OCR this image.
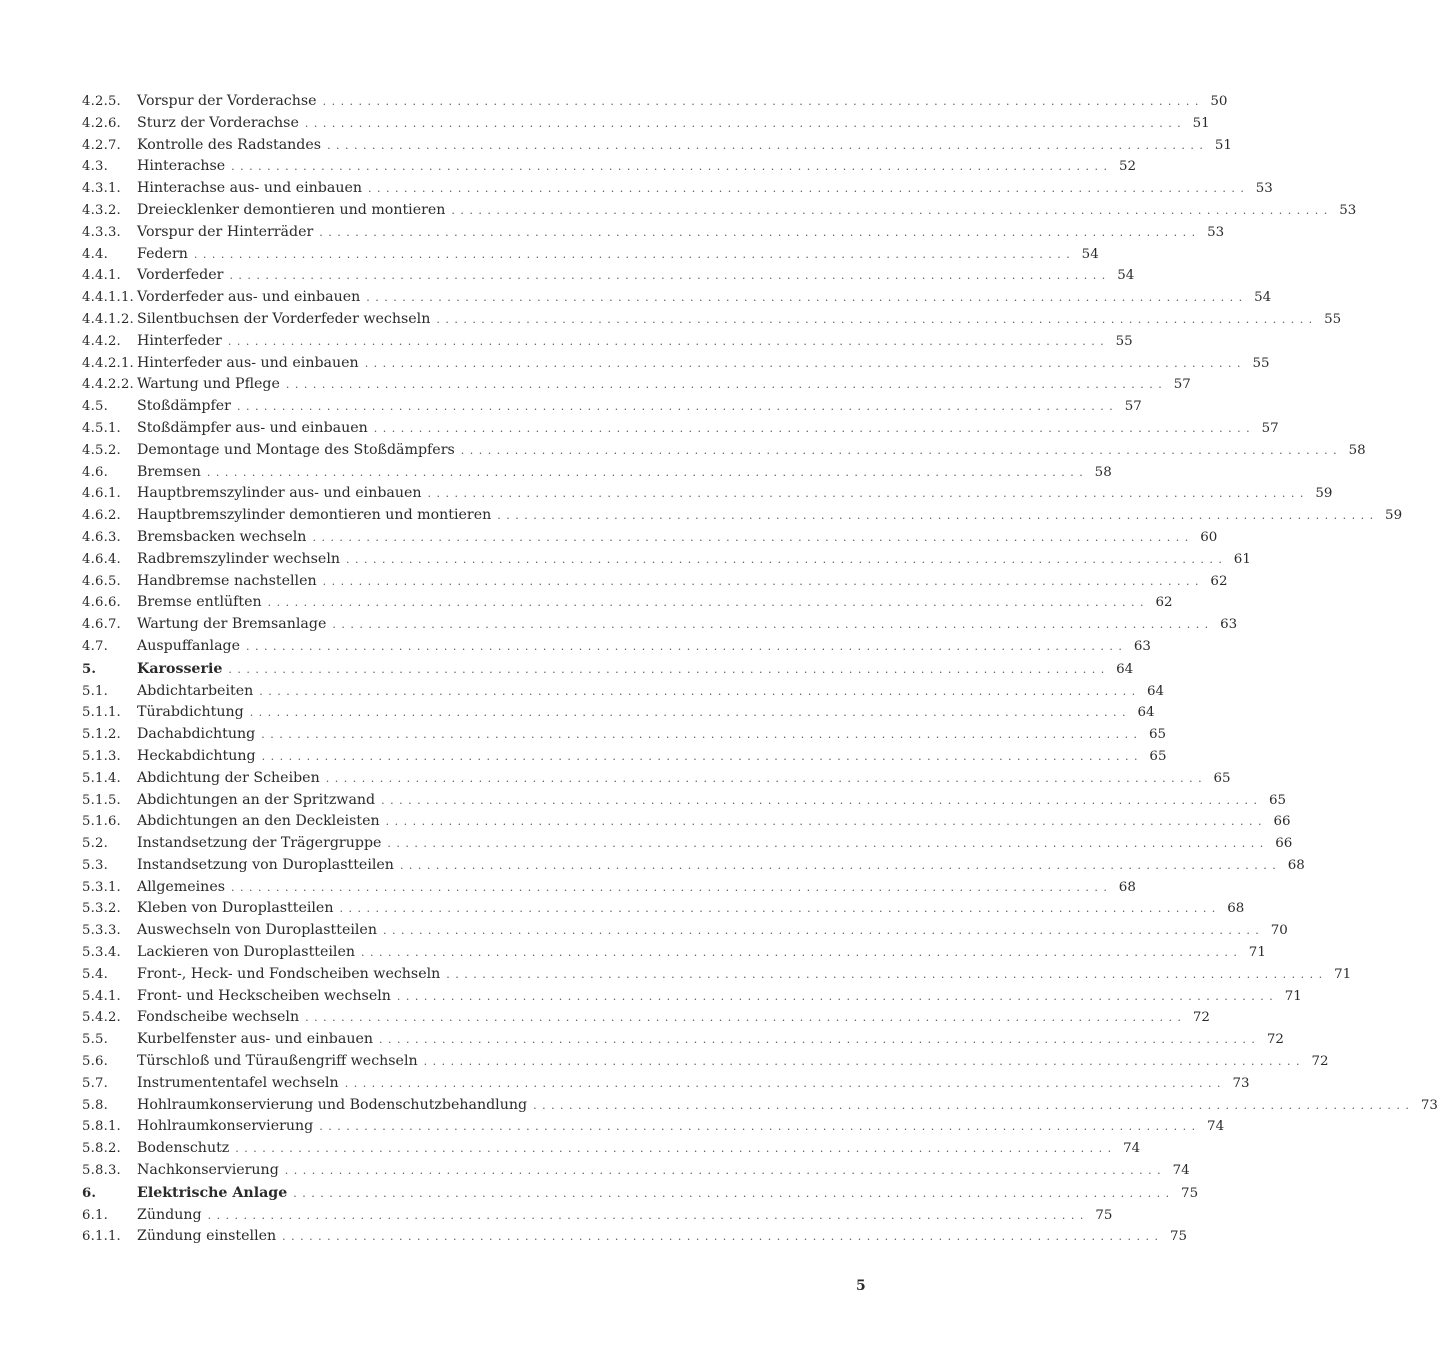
4.2.5.	Vorspur der Vorderachse . . .	50
4.2.6.	Sturz der Vorderachse . . .	51
4.2.7.	Kontrolle des Radstandes . . .	51
4.3.	Hinterachse . . .	52
4.3.1.	Hinterachse aus- und einbauen . . .	53
4.3.2.	Dreiecklenker demontieren und montieren . . .	53
4.3.3.	Vorspur der Hinterräder . . .	53
4.4.	Federn . . .	54
4.4.1.	Vorderfeder . . .	54
4.4.1.1. Vorderfeder aus- und einbauen . . .	54
4.4.1.2. Silentbuchsen der Vorderfeder wechseln . . .	55
4.4.2.	Hinterfeder . . .	55
4.4.2.1. Hinterfeder aus- und einbauen . . .	55
4.4.2.2. Wartung und Pflege . . .	57
4.5.	Stoßdämpfer . . .	57
4.5.1.	Stoßdämpfer aus- und einbauen . . .	57
4.5.2.	Demontage und Montage des Stoßdämpfers . . .	58
4.6.	Bremsen . . .	58
4.6.1.	Hauptbremszylinder aus- und einbauen . . .	59
4.6.2.	Hauptbremszylinder demontieren und montieren . . .	59
4.6.3.	Bremsbacken wechseln . . .	60
4.6.4.	Radbremszylinder wechseln . . .	61
4.6.5.	Handbremse nachstellen . . .	62
4.6.6.	Bremse entlüften . . .	62
4.6.7.	Wartung der Bremsanlage . . .	63
4.7.	Auspuffanlage . . .	63
5.	Karosserie . . .	64
5.1.	Abdichtarbeiten . . .	64
5.1.1.	Türabdichtung . . .	64
5.1.2.	Dachabdichtung . . .	65
5.1.3.	Heckabdichtung . . .	65
5.1.4.	Abdichtung der Scheiben . . .	65
5.1.5.	Abdichtungen an der Spritzwand . . .	65
5.1.6.	Abdichtungen an den Deckleisten . . .	66
5.2.	Instandsetzung der Trägergruppe . . .	66
5.3.	Instandsetzung von Duroplastteilen . . .	68
5.3.1.	Allgemeines . . .	68
5.3.2.	Kleben von Duroplastteilen . . .	68
5.3.3.	Auswechseln von Duroplastteilen . . .	70
5.3.4.	Lackieren von Duroplastteilen . . .	71
5.4.	Front-, Heck- und Fondscheiben wechseln . . .	71
5.4.1.	Front- und Heckscheiben wechseln . . .	71
5.4.2.	Fondscheibe wechseln . . .	72
5.5.	Kurbelfenster aus- und einbauen . . .	72
5.6.	Türschloß und Türaußengriff wechseln . . .	72
5.7.	Instrumententafel wechseln . . .	73
5.8.	Hohlraumkonservierung und Bodenschutzbehandlung . . .	73
5.8.1.	Hohlraumkonservierung . . .	74
5.8.2.	Bodenschutz . . .	74
5.8.3.	Nachkonservierung . . .	74
6.	Elektrische Anlage . . .	75
6.1.	Zündung . . .	75
6.1.1.	Zündung einstellen . . .	75
5
